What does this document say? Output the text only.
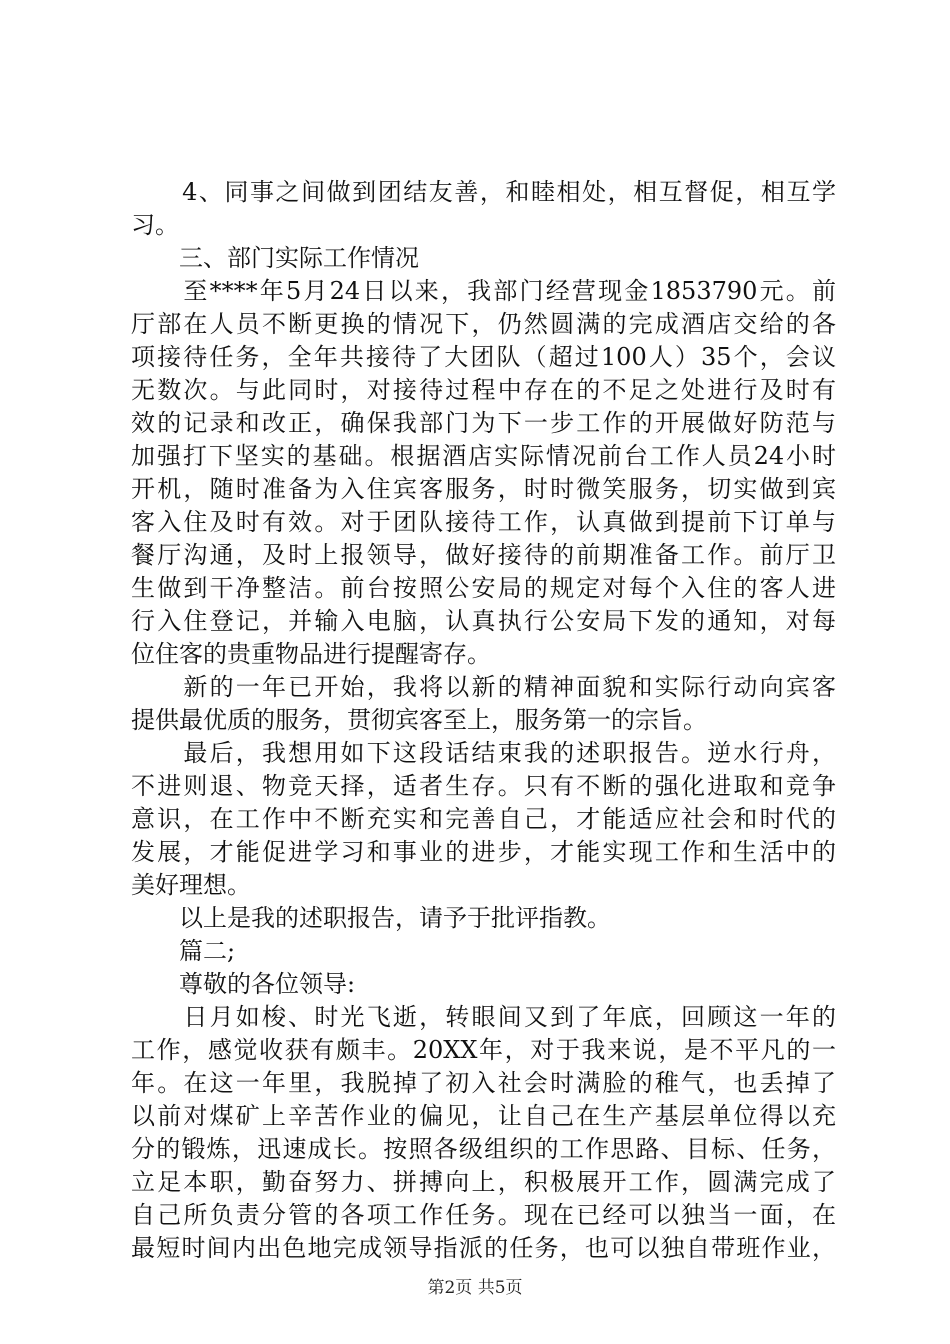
　　4、同事之间做到团结友善，和睦相处，相互督促，相互学
习。
　　三、部门实际工作情况
　　至****年5月24日以来，我部门经营现金1853790元。前
厅部在人员不断更换的情况下，仍然圆满的完成酒店交给的各
项接待任务，全年共接待了大团队（超过100人）35个，会议
无数次。与此同时，对接待过程中存在的不足之处进行及时有
效的记录和改正，确保我部门为下一步工作的开展做好防范与
加强打下坚实的基础。根据酒店实际情况前台工作人员24小时
开机，随时准备为入住宾客服务，时时微笑服务，切实做到宾
客入住及时有效。对于团队接待工作，认真做到提前下订单与
餐厅沟通，及时上报领导，做好接待的前期准备工作。前厅卫
生做到干净整洁。前台按照公安局的规定对每个入住的客人进
行入住登记，并输入电脑，认真执行公安局下发的通知，对每
位住客的贵重物品进行提醒寄存。
　　新的一年已开始，我将以新的精神面貌和实际行动向宾客
提供最优质的服务，贯彻宾客至上，服务第一的宗旨。
　　最后，我想用如下这段话结束我的述职报告。逆水行舟，
不进则退、物竞天择，适者生存。只有不断的强化进取和竞争
意识，在工作中不断充实和完善自己，才能适应社会和时代的
发展，才能促进学习和事业的进步，才能实现工作和生活中的
美好理想。
　　以上是我的述职报告，请予于批评指教。
　　篇二;
　　尊敬的各位领导:
　　日月如梭、时光飞逝，转眼间又到了年底，回顾这一年的
工作，感觉收获有颇丰。20XX年，对于我来说，是不平凡的一
年。在这一年里，我脱掉了初入社会时满脸的稚气，也丢掉了
以前对煤矿上辛苦作业的偏见，让自己在生产基层单位得以充
分的锻炼，迅速成长。按照各级组织的工作思路、目标、任务，
立足本职，勤奋努力、拼搏向上，积极展开工作，圆满完成了
自己所负责分管的各项工作任务。现在已经可以独当一面，在
最短时间内出色地完成领导指派的任务，也可以独自带班作业，
第2页 共5页
